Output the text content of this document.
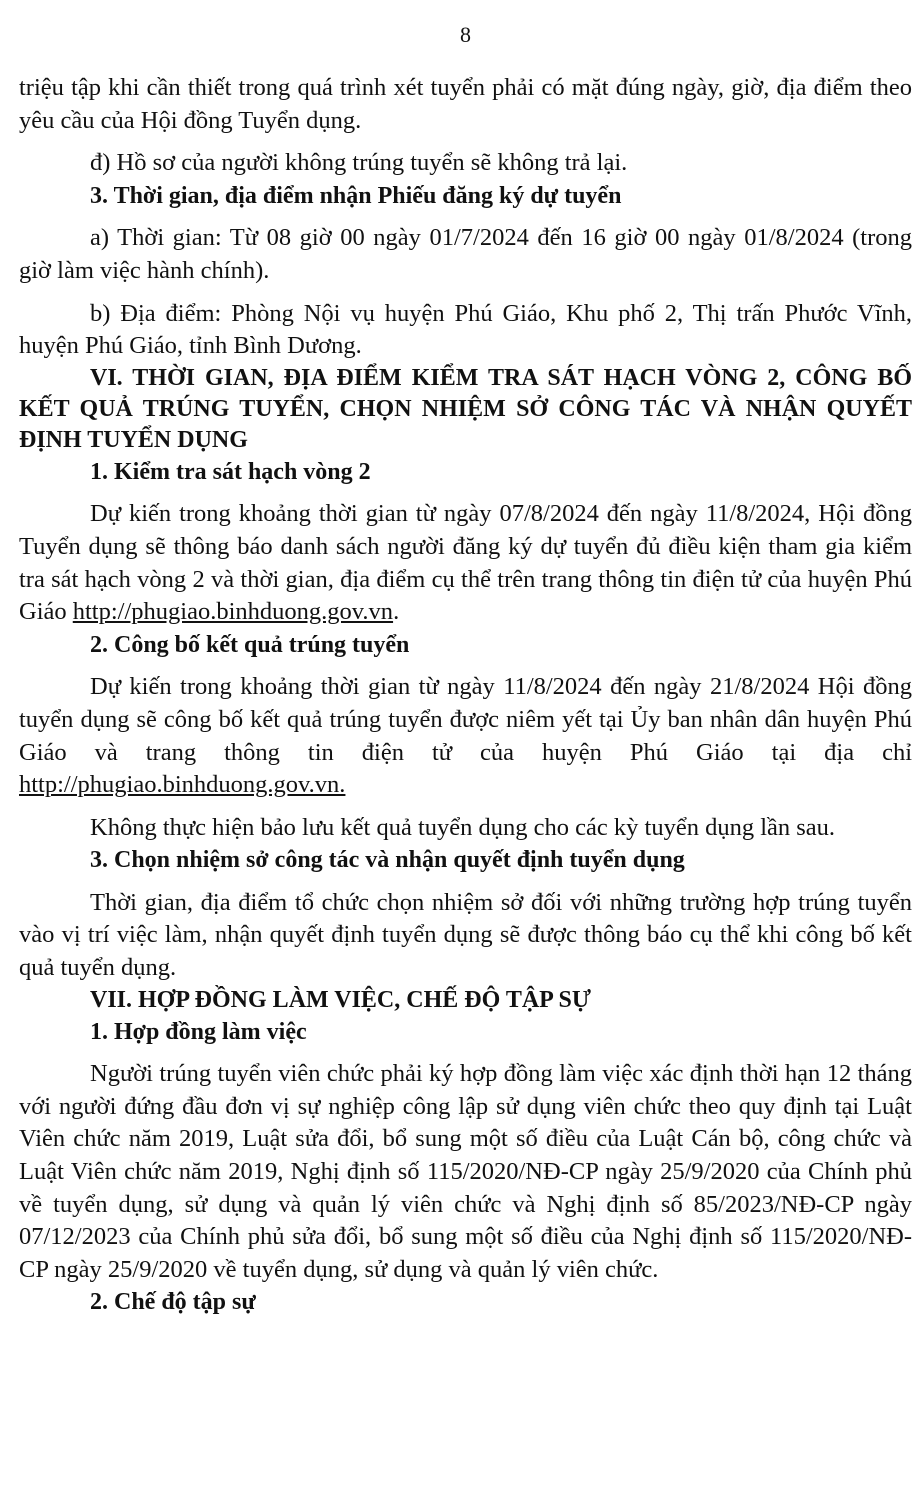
8

triệu tập khi cần thiết trong quá trình xét tuyển phải có mặt đúng ngày, giờ, địa điểm theo yêu cầu của Hội đồng Tuyển dụng.

đ) Hồ sơ của người không trúng tuyển sẽ không trả lại.

3. Thời gian, địa điểm nhận Phiếu đăng ký dự tuyển

a) Thời gian: Từ 08 giờ 00 ngày 01/7/2024 đến 16 giờ 00 ngày 01/8/2024 (trong giờ làm việc hành chính).

b) Địa điểm: Phòng Nội vụ huyện Phú Giáo, Khu phố 2, Thị trấn Phước Vĩnh, huyện Phú Giáo, tỉnh Bình Dương.

VI. THỜI GIAN, ĐỊA ĐIỂM KIỂM TRA SÁT HẠCH VÒNG 2, CÔNG BỐ KẾT QUẢ TRÚNG TUYỂN, CHỌN NHIỆM SỞ CÔNG TÁC VÀ NHẬN QUYẾT ĐỊNH TUYỂN DỤNG
1. Kiểm tra sát hạch vòng 2

Dự kiến trong khoảng thời gian từ ngày 07/8/2024 đến ngày 11/8/2024, Hội đồng Tuyển dụng sẽ thông báo danh sách người đăng ký dự tuyển đủ điều kiện tham gia kiểm tra sát hạch vòng 2 và thời gian, địa điểm cụ thể trên trang thông tin điện tử của huyện Phú Giáo http://phugiao.binhduong.gov.vn.

2. Công bố kết quả trúng tuyển

Dự kiến trong khoảng thời gian từ ngày 11/8/2024 đến ngày 21/8/2024 Hội đồng tuyển dụng sẽ công bố kết quả trúng tuyển được niêm yết tại Ủy ban nhân dân huyện Phú Giáo và trang thông tin điện tử của huyện Phú Giáo tại địa chỉ http://phugiao.binhduong.gov.vn.

Không thực hiện bảo lưu kết quả tuyển dụng cho các kỳ tuyển dụng lần sau.

3. Chọn nhiệm sở công tác và nhận quyết định tuyển dụng

Thời gian, địa điểm tổ chức chọn nhiệm sở đối với những trường hợp trúng tuyển vào vị trí việc làm, nhận quyết định tuyển dụng sẽ được thông báo cụ thể khi công bố kết quả tuyển dụng.

VII. HỢP ĐỒNG LÀM VIỆC, CHẾ ĐỘ TẬP SỰ
1. Hợp đồng làm việc

Người trúng tuyển viên chức phải ký hợp đồng làm việc xác định thời hạn 12 tháng với người đứng đầu đơn vị sự nghiệp công lập sử dụng viên chức theo quy định tại Luật Viên chức năm 2019, Luật sửa đổi, bổ sung một số điều của Luật Cán bộ, công chức và Luật Viên chức năm 2019, Nghị định số 115/2020/NĐ-CP ngày 25/9/2020 của Chính phủ về tuyển dụng, sử dụng và quản lý viên chức và Nghị định số 85/2023/NĐ-CP ngày 07/12/2023 của Chính phủ sửa đổi, bổ sung một số điều của Nghị định số 115/2020/NĐ-CP ngày 25/9/2020 về tuyển dụng, sử dụng và quản lý viên chức.

2. Chế độ tập sự
